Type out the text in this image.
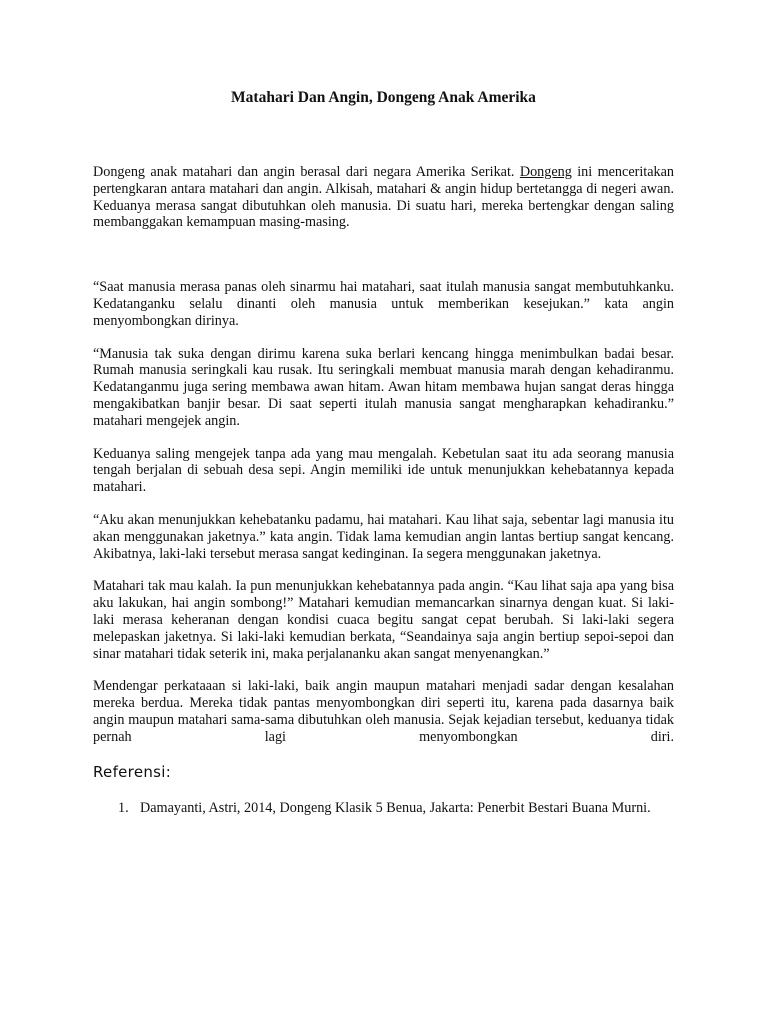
Matahari Dan Angin, Dongeng Anak Amerika

Dongeng anak matahari dan angin berasal dari negara Amerika Serikat. Dongeng ini menceritakan pertengkaran antara matahari dan angin. Alkisah, matahari & angin hidup bertetangga di negeri awan. Keduanya merasa sangat dibutuhkan oleh manusia. Di suatu hari, mereka bertengkar dengan saling membanggakan kemampuan masing-masing.

“Saat manusia merasa panas oleh sinarmu hai matahari, saat itulah manusia sangat membutuhkanku. Kedatanganku selalu dinanti oleh manusia untuk memberikan kesejukan.” kata angin menyombongkan dirinya.

“Manusia tak suka dengan dirimu karena suka berlari kencang hingga menimbulkan badai besar. Rumah manusia seringkali kau rusak. Itu seringkali membuat manusia marah dengan kehadiranmu. Kedatanganmu juga sering membawa awan hitam. Awan hitam membawa hujan sangat deras hingga mengakibatkan banjir besar. Di saat seperti itulah manusia sangat mengharapkan kehadiranku.” matahari mengejek angin.

Keduanya saling mengejek tanpa ada yang mau mengalah. Kebetulan saat itu ada seorang manusia tengah berjalan di sebuah desa sepi. Angin memiliki ide untuk menunjukkan kehebatannya kepada matahari.

“Aku akan menunjukkan kehebatanku padamu, hai matahari. Kau lihat saja, sebentar lagi manusia itu akan menggunakan jaketnya.” kata angin. Tidak lama kemudian angin lantas bertiup sangat kencang. Akibatnya, laki-laki tersebut merasa sangat kedinginan. Ia segera menggunakan jaketnya.

Matahari tak mau kalah. Ia pun menunjukkan kehebatannya pada angin. “Kau lihat saja apa yang bisa aku lakukan, hai angin sombong!” Matahari kemudian memancarkan sinarnya dengan kuat. Si laki-laki merasa keheranan dengan kondisi cuaca begitu sangat cepat berubah. Si laki-laki segera melepaskan jaketnya. Si laki-laki kemudian berkata, “Seandainya saja angin bertiup sepoi-sepoi dan sinar matahari tidak seterik ini, maka perjalananku akan sangat menyenangkan.”

Mendengar perkataaan si laki-laki, baik angin maupun matahari menjadi sadar dengan kesalahan mereka berdua. Mereka tidak pantas menyombongkan diri seperti itu, karena pada dasarnya baik angin maupun matahari sama-sama dibutuhkan oleh manusia. Sejak kejadian tersebut, keduanya tidak pernah lagi menyombongkan diri.

Referensi:
1. Damayanti, Astri, 2014, Dongeng Klasik 5 Benua, Jakarta: Penerbit Bestari Buana Murni.
